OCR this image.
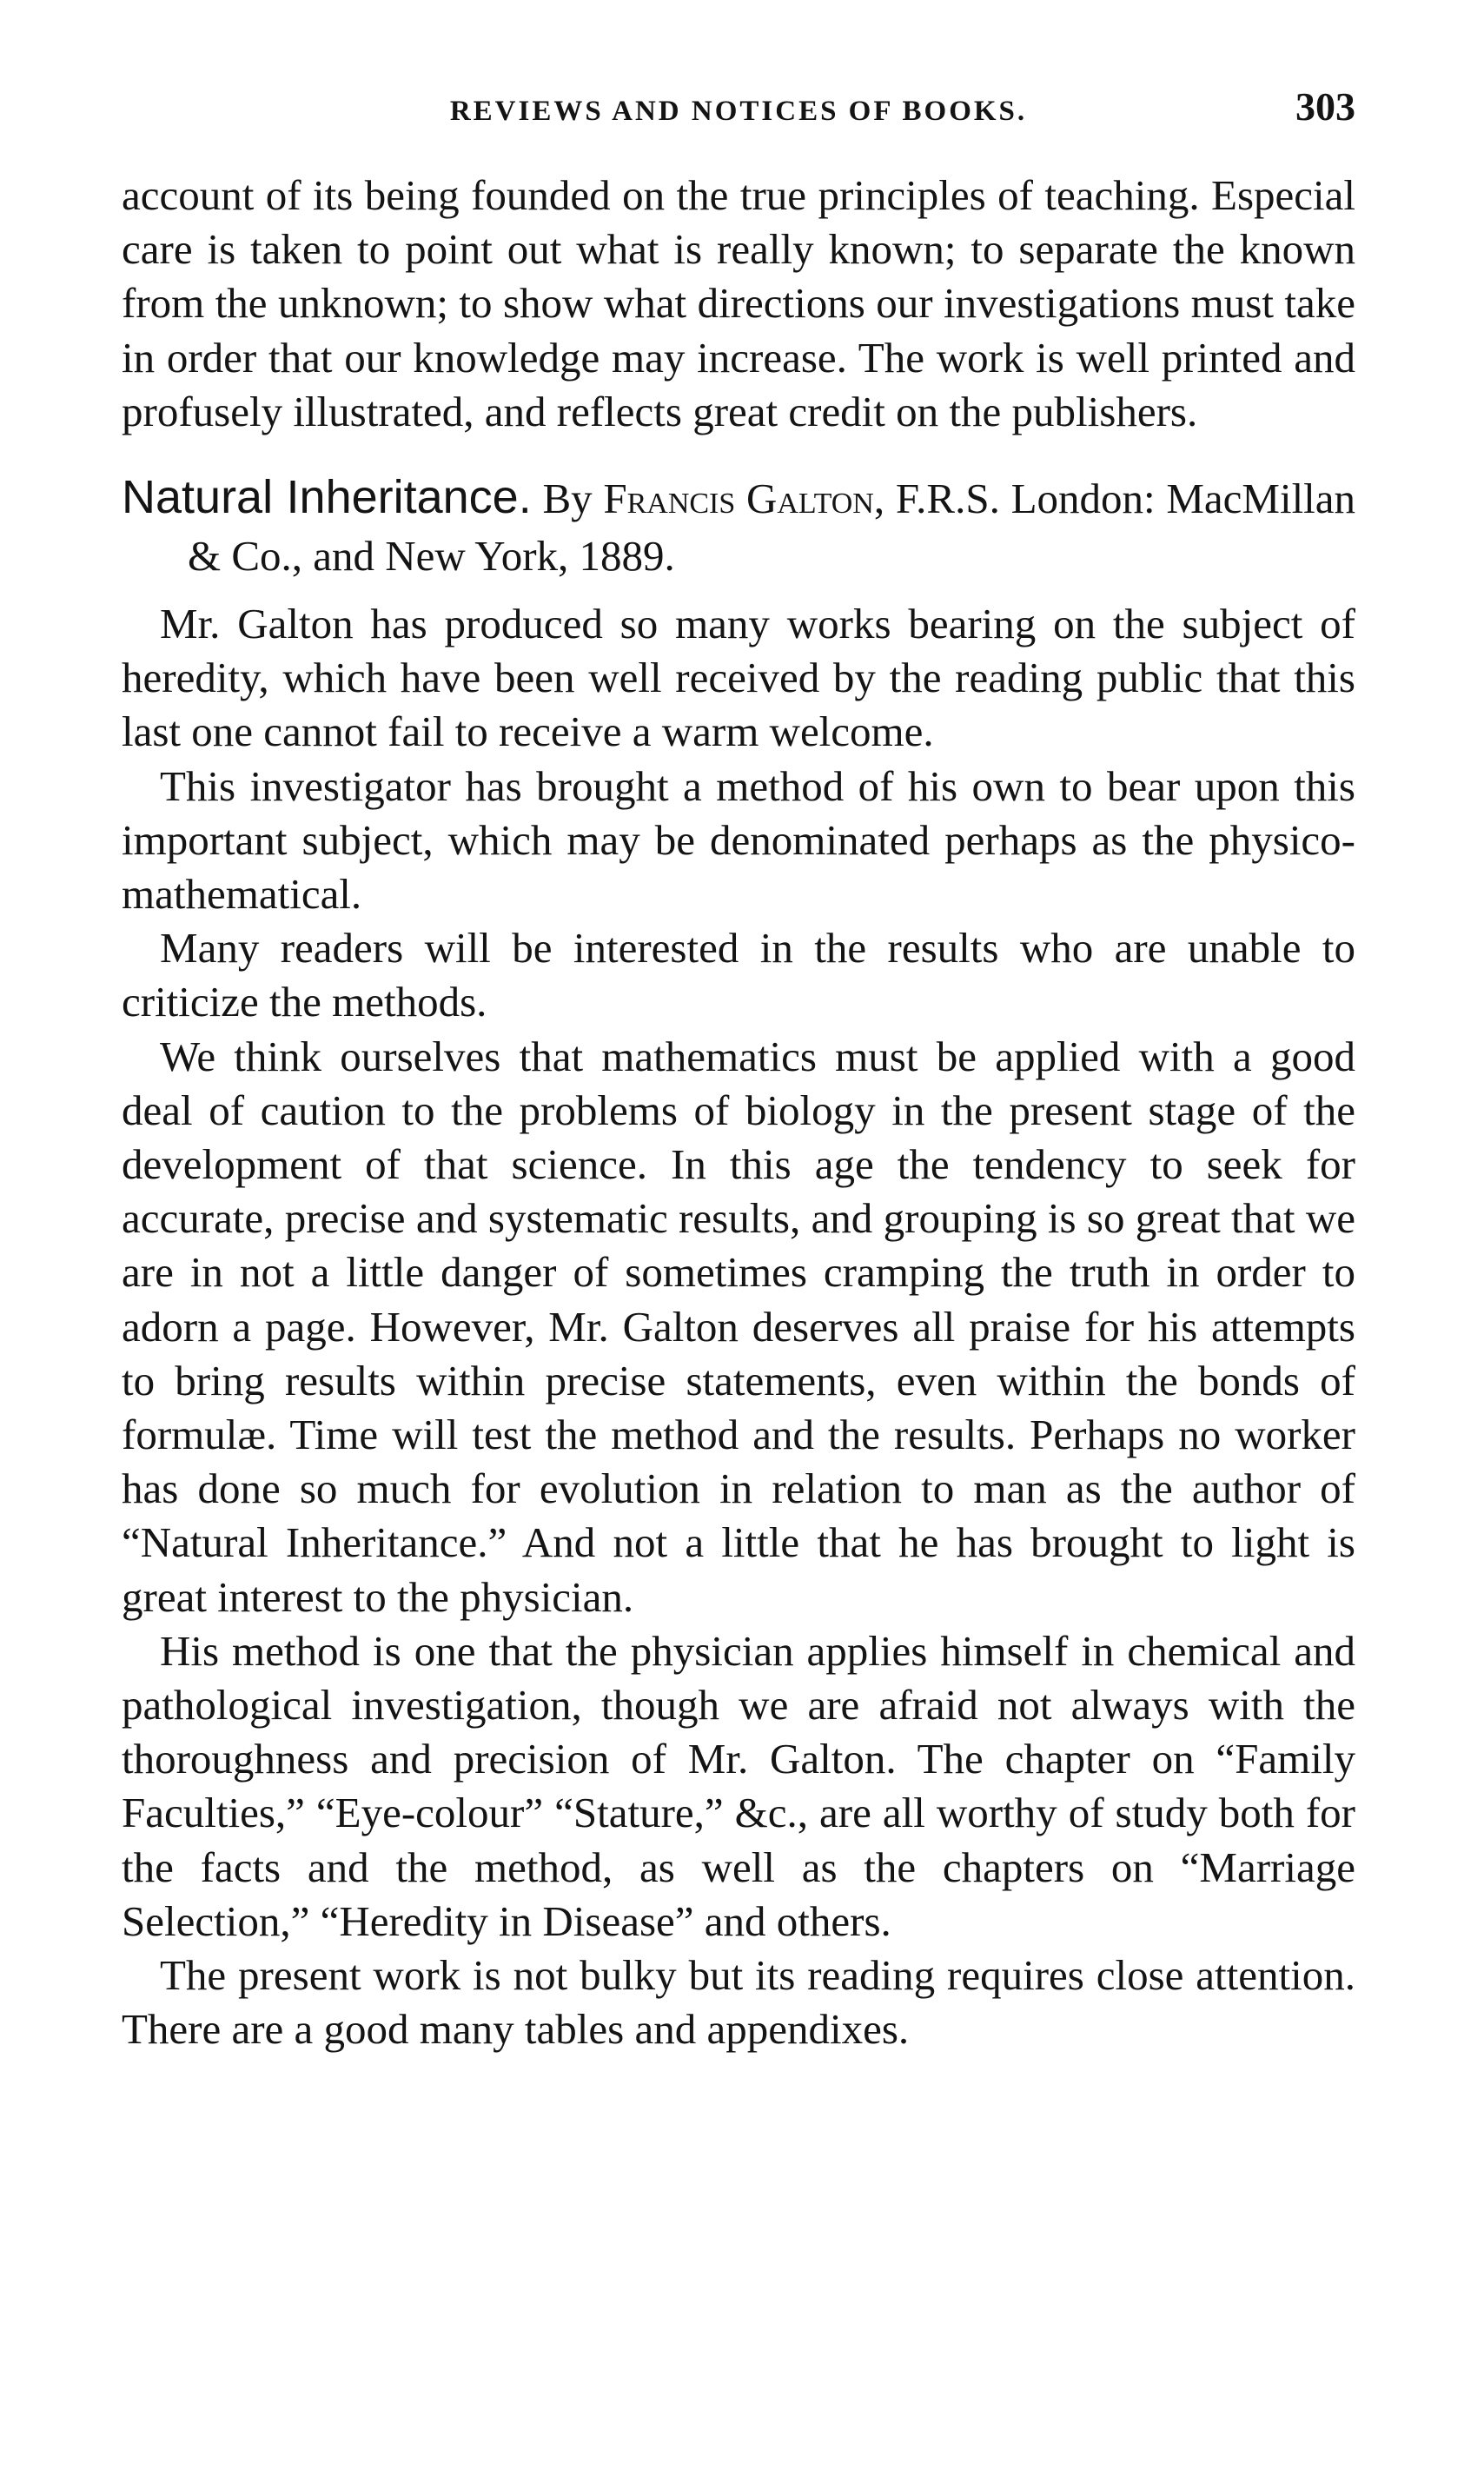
REVIEWS AND NOTICES OF BOOKS.	303

account of its being founded on the true principles of teaching. Especial care is taken to point out what is really known; to separate the known from the unknown; to show what directions our investigations must take in order that our knowledge may increase. The work is well printed and profusely illustrated, and reflects great credit on the publishers.

Natural Inheritance. By Francis Galton, F.R.S. London: MacMillan & Co., and New York, 1889.

Mr. Galton has produced so many works bearing on the subject of heredity, which have been well received by the reading public that this last one cannot fail to receive a warm welcome.

This investigator has brought a method of his own to bear upon this important subject, which may be denominated perhaps as the physico-mathematical.

Many readers will be interested in the results who are unable to criticize the methods.

We think ourselves that mathematics must be applied with a good deal of caution to the problems of biology in the present stage of the development of that science. In this age the tendency to seek for accurate, precise and systematic results, and grouping is so great that we are in not a little danger of sometimes cramping the truth in order to adorn a page. However, Mr. Galton deserves all praise for his attempts to bring results within precise statements, even within the bonds of formulæ. Time will test the method and the results. Perhaps no worker has done so much for evolution in relation to man as the author of “Natural Inheritance.” And not a little that he has brought to light is great interest to the physician.

His method is one that the physician applies himself in chemical and pathological investigation, though we are afraid not always with the thoroughness and precision of Mr. Galton. The chapter on “Family Faculties,” “Eye-colour” “Stature,” &c., are all worthy of study both for the facts and the method, as well as the chapters on “Marriage Selection,” “Heredity in Disease” and others.

The present work is not bulky but its reading requires close attention. There are a good many tables and appendixes.
